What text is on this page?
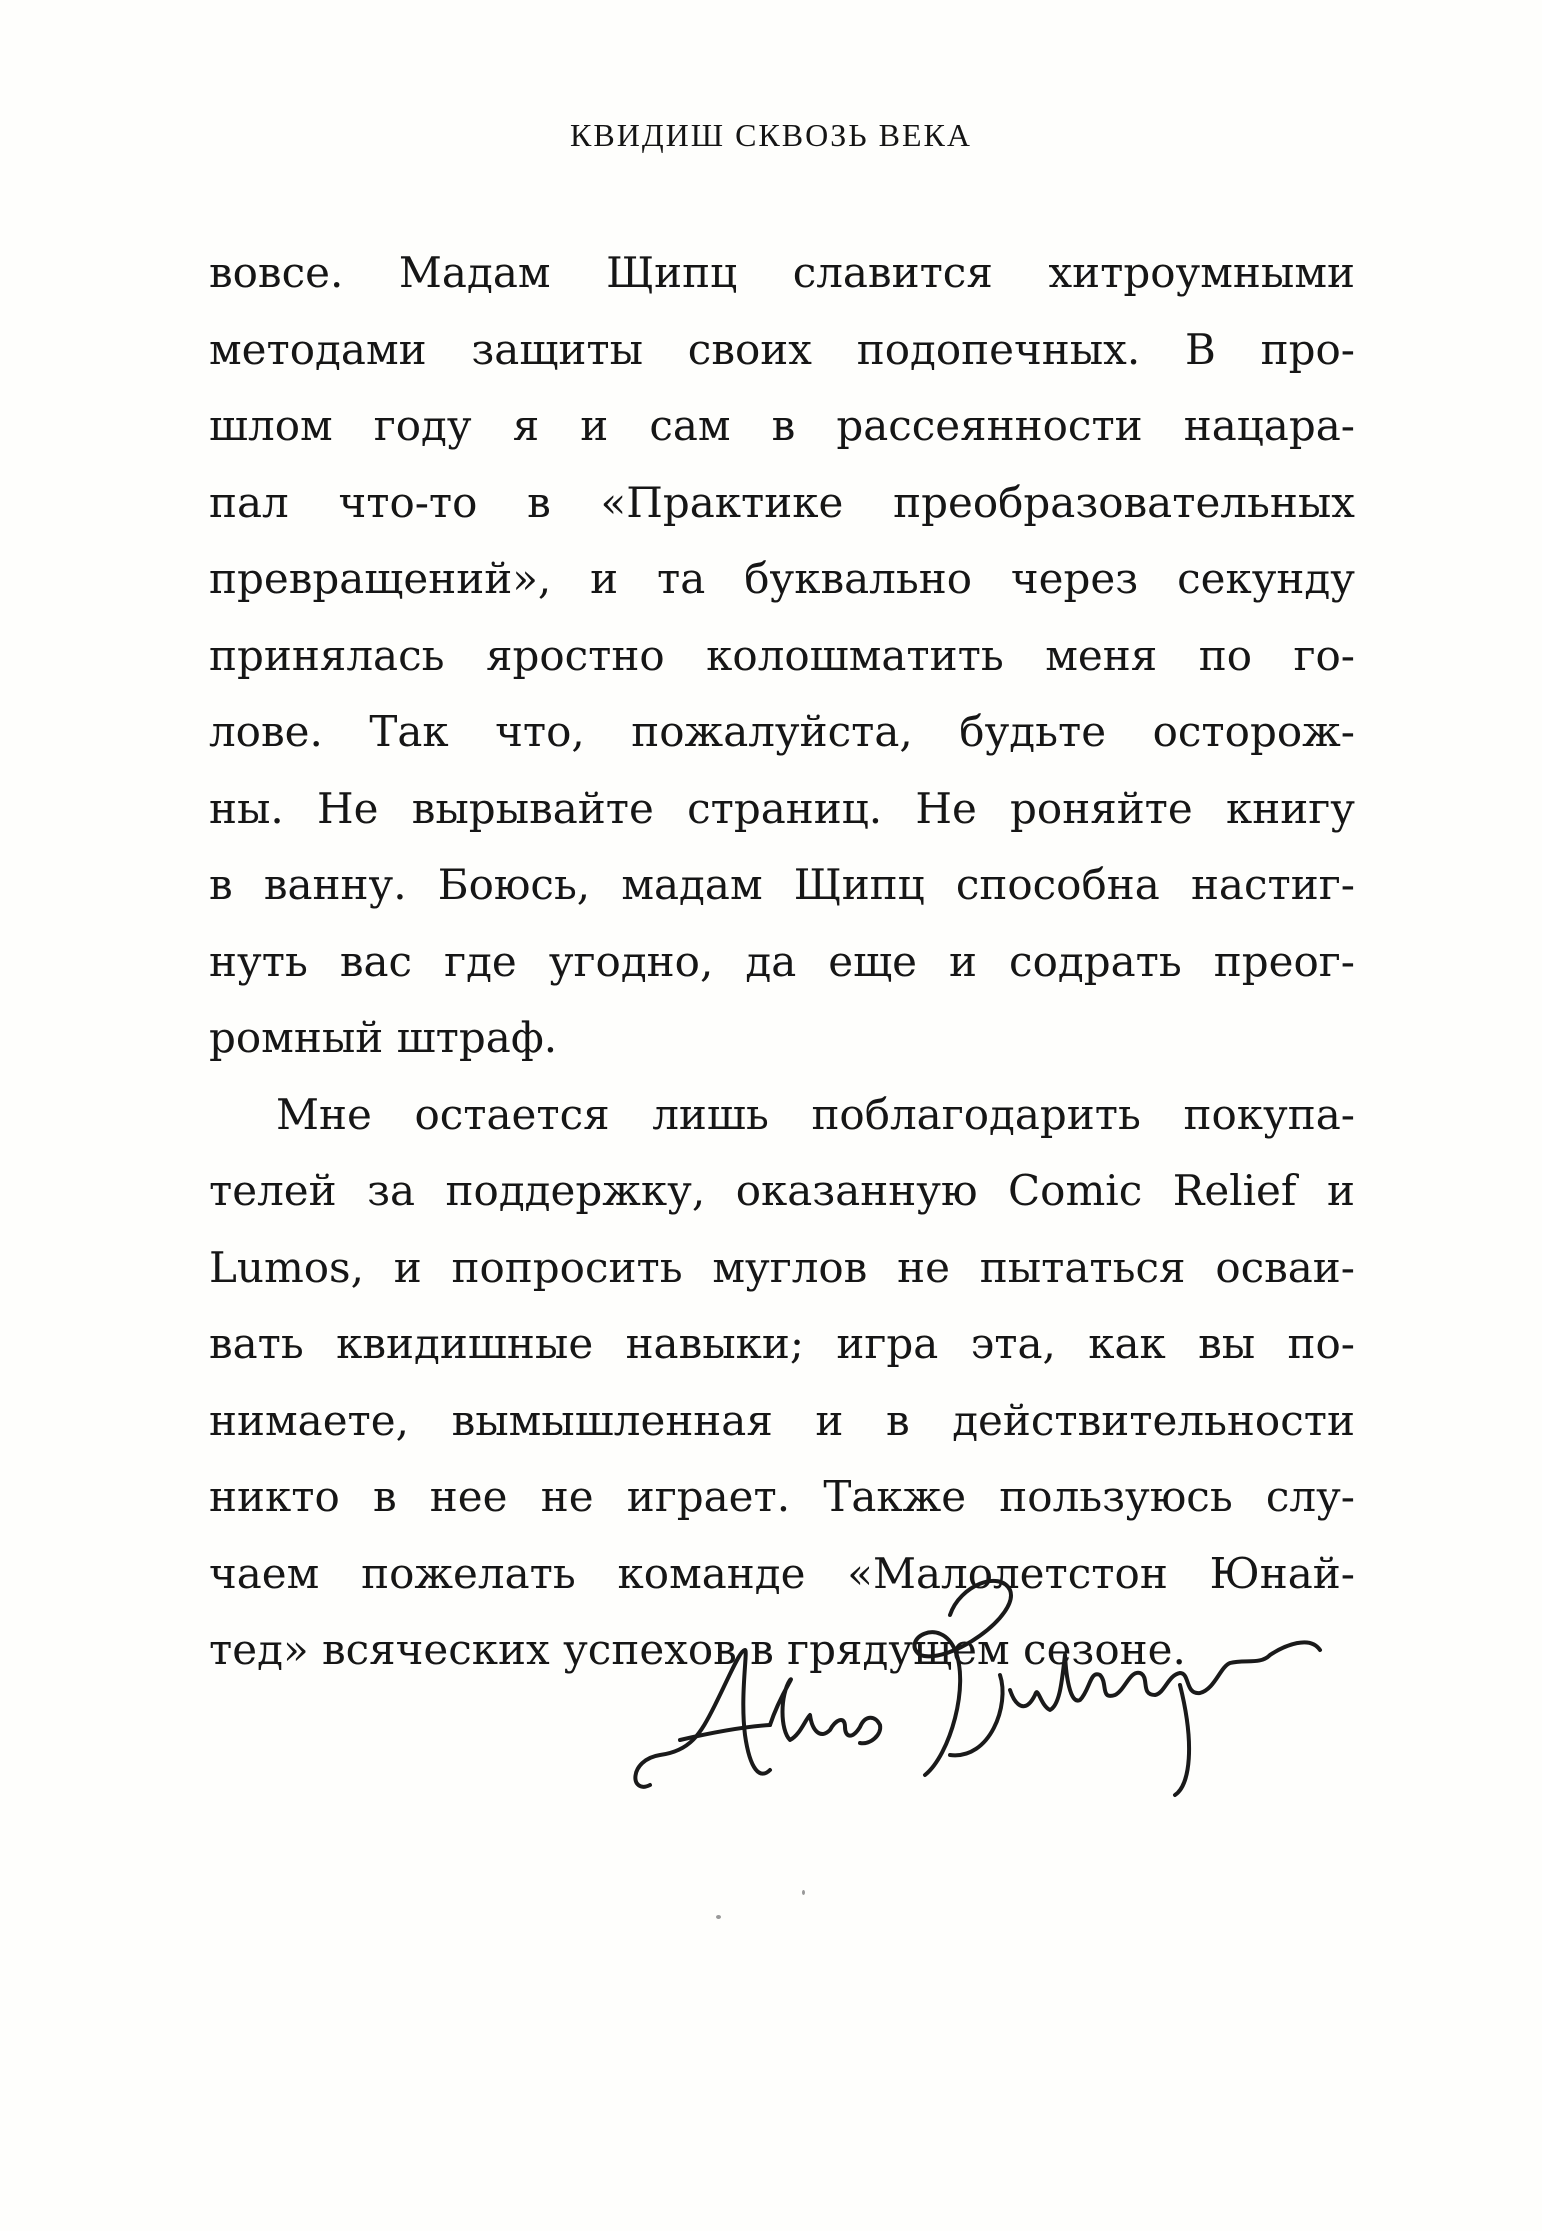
КВИДИШ СКВОЗЬ ВЕКА
вовсе. Мадам Щипц славится хитроумными
методами защиты своих подопечных. В про-
шлом году я и сам в рассеянности нацара-
пал что-то в «Практике преобразовательных
превращений», и та буквально через секунду
принялась яростно колошматить меня по го-
лове. Так что, пожалуйста, будьте осторож-
ны. Не вырывайте страниц. Не роняйте книгу
в ванну. Боюсь, мадам Щипц способна настиг-
нуть вас где угодно, да еще и содрать преог-
ромный штраф.
Мне остается лишь поблагодарить покупа-
телей за поддержку, оказанную Comic Relief и
Lumos, и попросить муглов не пытаться осваи-
вать квидишные навыки; игра эта, как вы по-
нимаете, вымышленная и в действительности
никто в нее не играет. Также пользуюсь слу-
чаем пожелать команде «Малолетстон Юнай-
тед» всяческих успехов в грядущем сезоне.
